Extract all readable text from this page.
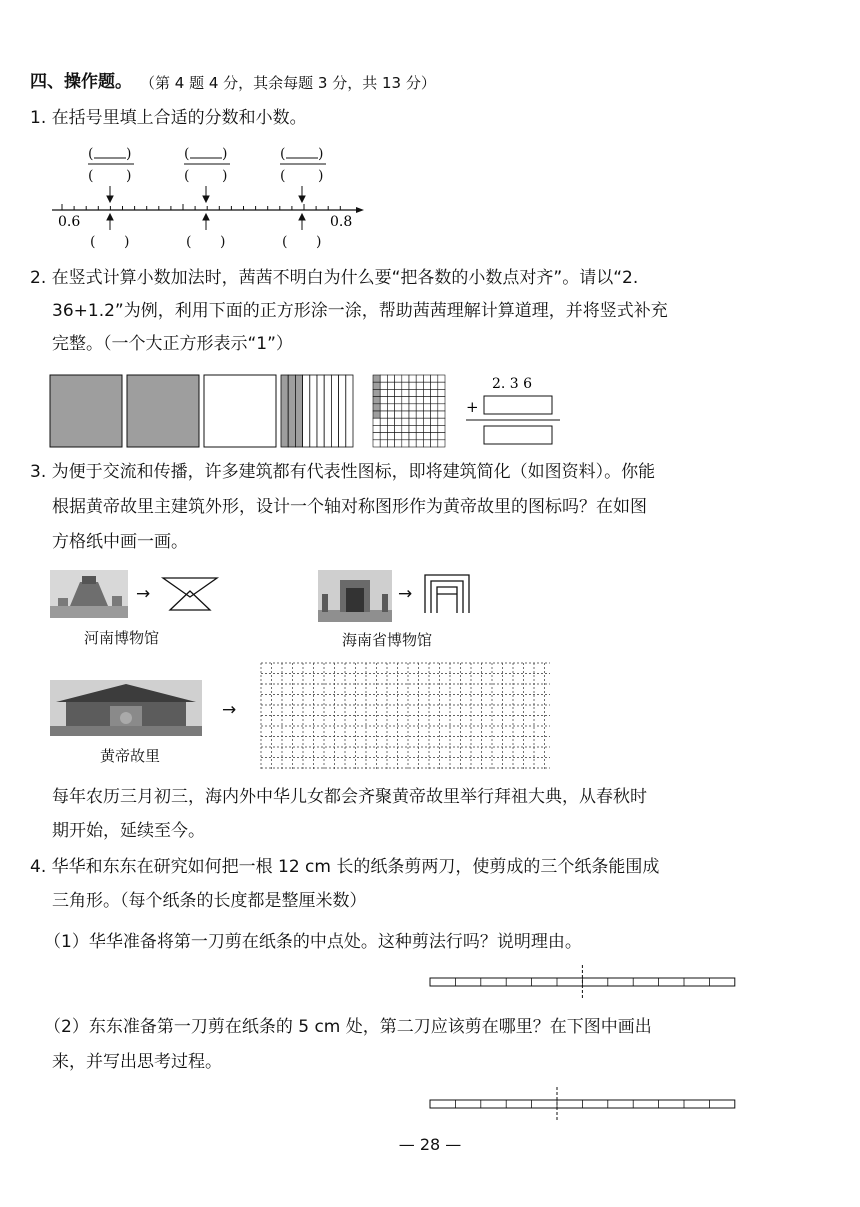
四、操作题。 （第 4 题 4 分，其余每题 3 分，共 13 分）
1. 在括号里填上合适的分数和小数。
( )
( )
( )
( )
( )
( )
0.6	0.8
( )	( )	( )
2. 在竖式计算小数加法时，茜茜不明白为什么要“把各数的小数点对齐”。请以“2.
36+1.2”为例，利用下面的正方形涂一涂，帮助茜茜理解计算道理，并将竖式补充
完整。（一个大正方形表示“1”）
2. 3 6
+
3. 为便于交流和传播，许多建筑都有代表性图标，即将建筑简化（如图资料）。你能
根据黄帝故里主建筑外形，设计一个轴对称图形作为黄帝故里的图标吗？在如图
方格纸中画一画。
→
河南博物馆
→
海南省博物馆
→
黄帝故里
每年农历三月初三，海内外中华儿女都会齐聚黄帝故里举行拜祖大典，从春秋时
期开始，延续至今。
4. 华华和东东在研究如何把一根 12 cm 长的纸条剪两刀，使剪成的三个纸条能围成
三角形。（每个纸条的长度都是整厘米数）
（1）华华准备将第一刀剪在纸条的中点处。这种剪法行吗？说明理由。
（2）东东准备第一刀剪在纸条的 5 cm 处，第二刀应该剪在哪里？在下图中画出
来，并写出思考过程。
— 28 —
